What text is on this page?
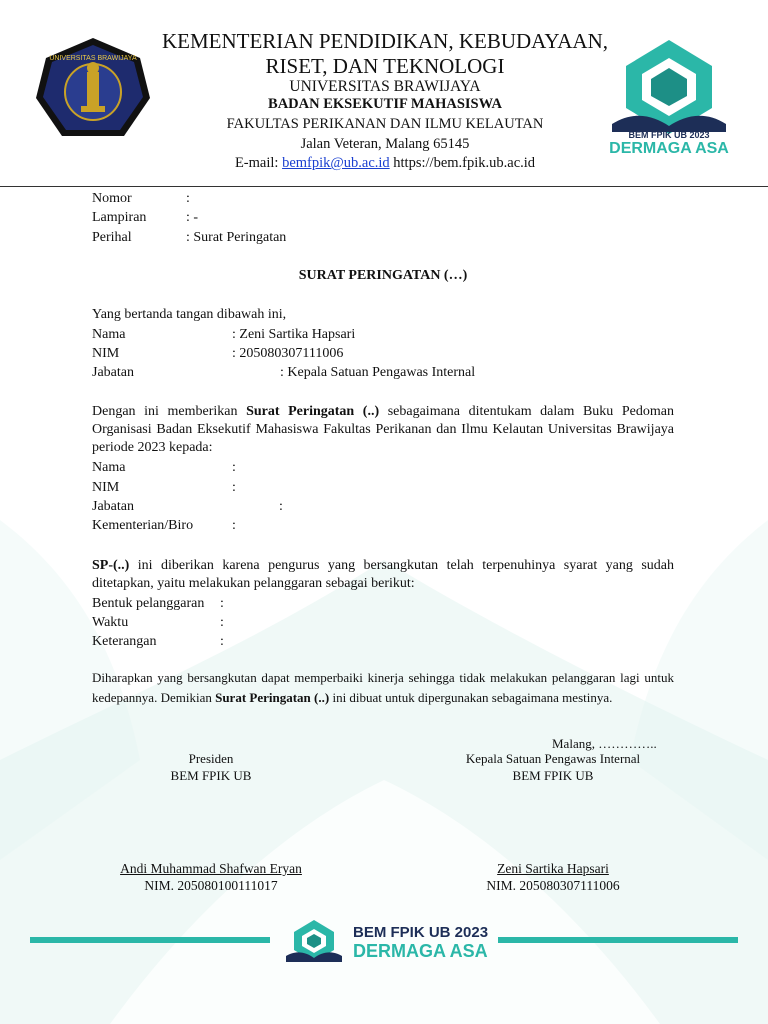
UNIVERSITAS BRAWIJAYA
BEM FPIK UB 2023
DERMAGA ASA
KEMENTERIAN PENDIDIKAN, KEBUDAYAAN,
RISET, DAN TEKNOLOGI
UNIVERSITAS BRAWIJAYA
BADAN EKSEKUTIF MAHASISWA
FAKULTAS PERIKANAN DAN ILMU KELAUTAN
Jalan Veteran, Malang 65145
E-mail: bemfpik@ub.ac.id https://bem.fpik.ub.ac.id
Nomor	:
Lampiran	: -
Perihal	: Surat Peringatan
SURAT PERINGATAN (…)
Yang bertanda tangan dibawah ini,
Nama	: Zeni Sartika Hapsari
NIM	: 205080307111006
Jabatan	: Kepala Satuan Pengawas Internal
Dengan ini memberikan Surat Peringatan (..) sebagaimana ditentukam dalam Buku Pedoman Organisasi Badan Eksekutif Mahasiswa Fakultas Perikanan dan Ilmu Kelautan Universitas Brawijaya periode 2023 kepada:
Nama	:
NIM	:
Jabatan	:
Kementerian/Biro	:
SP-(..) ini diberikan karena pengurus yang bersangkutan telah terpenuhinya syarat yang sudah ditetapkan, yaitu melakukan pelanggaran sebagai berikut:
Bentuk pelanggaran :
Waktu	:
Keterangan	:
Diharapkan yang bersangkutan dapat memperbaiki kinerja sehingga tidak melakukan pelanggaran lagi untuk kedepannya. Demikian Surat Peringatan (..) ini dibuat untuk dipergunakan sebagaimana mestinya.
Malang, …………..
Presiden
BEM FPIK UB
Kepala Satuan Pengawas Internal
BEM FPIK UB
Andi Muhammad Shafwan Eryan
NIM. 205080100111017
Zeni Sartika Hapsari
NIM. 205080307111006
BEM FPIK UB 2023
DERMAGA ASA
